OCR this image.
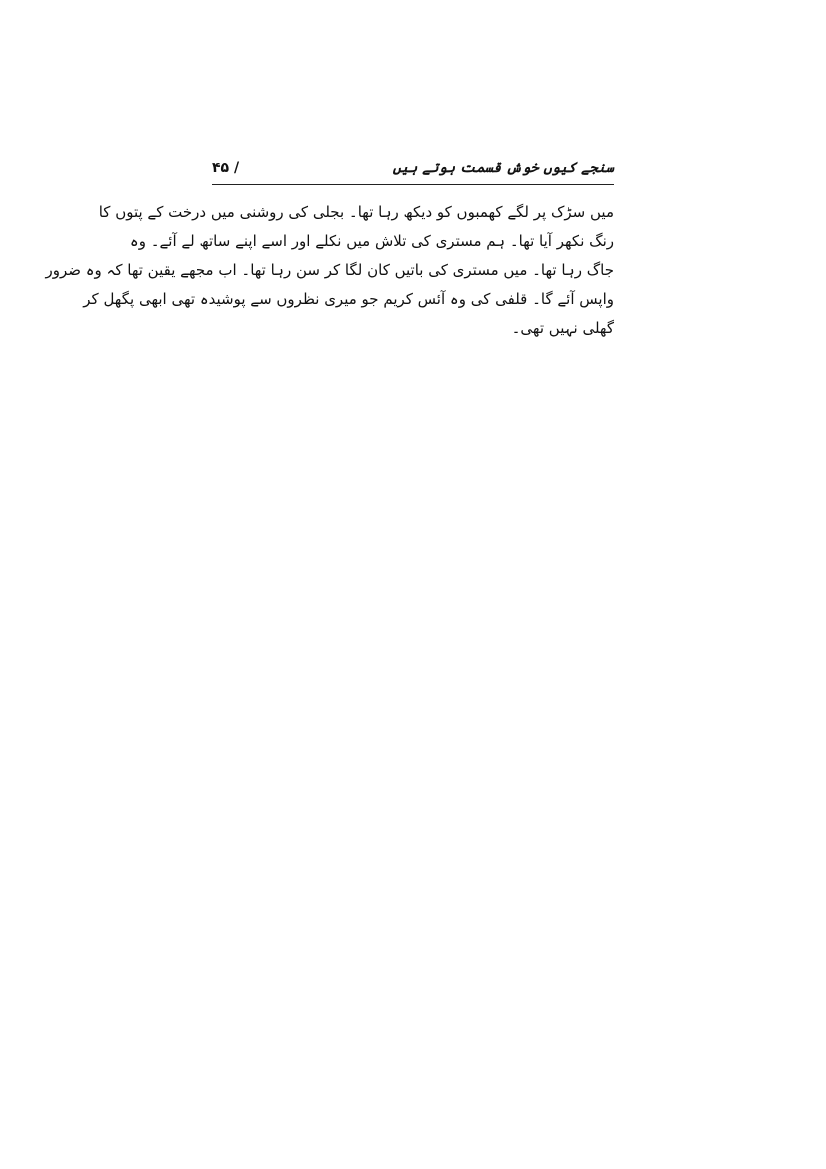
سنجے کیوں خوش قسمت ہوتے ہیں
۴۵ /
میں سڑک پر لگے کھمبوں کو دیکھ رہا تھا۔ بجلی کی روشنی میں درخت کے پتوں کا
رنگ نکھر آیا تھا۔ ہم مستری کی تلاش میں نکلے اور اسے اپنے ساتھ لے آئے۔ وہ
جاگ رہا تھا۔ میں مستری کی باتیں کان لگا کر سن رہا تھا۔ اب مجھے یقین تھا کہ وہ ضرور
واپس آئے گا۔ قلفی کی وہ آئس کریم جو میری نظروں سے پوشیدہ تھی ابھی پگھل کر
گھلی نہیں تھی۔
